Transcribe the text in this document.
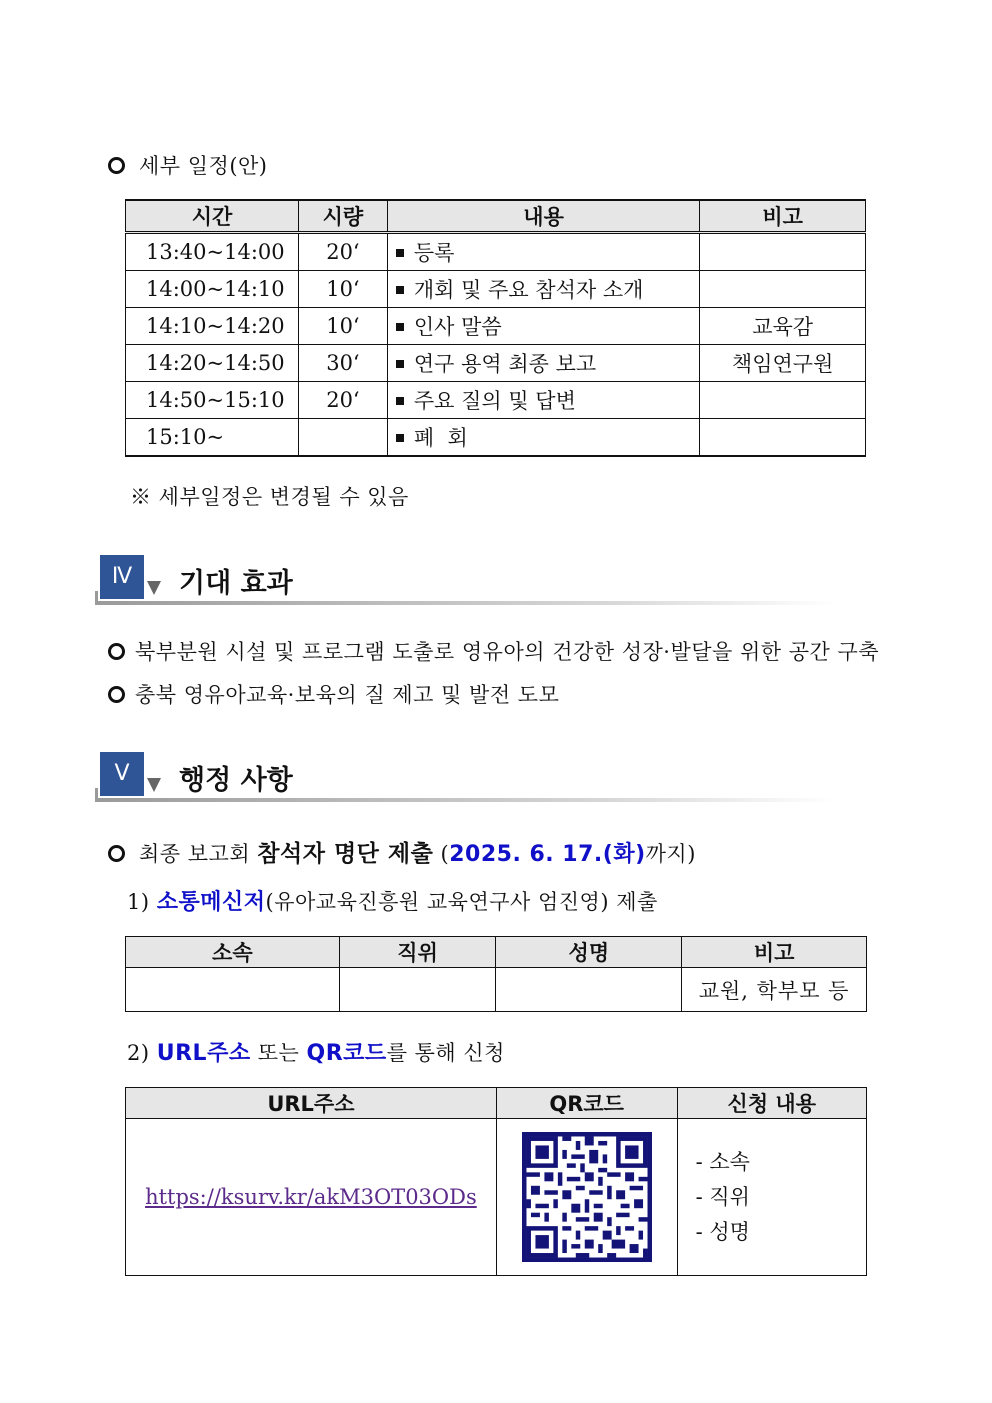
세부 일정(안)
시간	시량	내용	비고
13:40~14:00	20‘	등록	
14:00~14:10	10‘	개회 및 주요 참석자 소개	
14:10~14:20	10‘	인사 말씀	교육감
14:20~14:50	30‘	연구 용역 최종 보고	책임연구원
14:50~15:10	20‘	주요 질의 및 답변	
15:10~		폐  회	
※ 세부일정은 변경될 수 있음
Ⅳ	기대 효과
북부분원 시설 및 프로그램 도출로 영유아의 건강한 성장·발달을 위한 공간 구축
충북 영유아교육·보육의 질 제고 및 발전 도모
Ⅴ	행정 사항
최종 보고회 참석자 명단 제출 (2025. 6. 17.(화)까지)
1) 소통메신저(유아교육진흥원 교육연구사 엄진영) 제출
소속	직위	성명	비고
			교원, 학부모 등
2) URL주소 또는 QR코드를 통해 신청
URL주소	QR코드	신청 내용
https://ksurv.kr/akM3OT03ODs		- 소속
- 직위
- 성명
